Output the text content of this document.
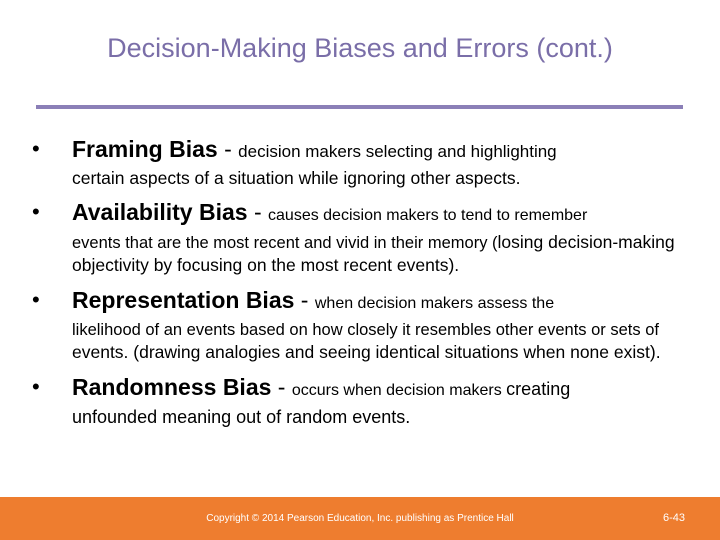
Decision-Making Biases and Errors (cont.)
• Framing Bias - decision makers selecting and highlighting
certain aspects of a situation while ignoring other aspects.
• Availability Bias - causes decision makers to tend to remember
events that are the most recent and vivid in their memory (losing decision-making objectivity by focusing on the most recent events).
• Representation Bias - when decision makers assess the
likelihood of an events based on how closely it resembles other events or sets of events. (drawing analogies and seeing identical situations when none exist).
• Randomness Bias - occurs when decision makers creating
unfounded meaning out of random events.
Copyright © 2014 Pearson Education, Inc. publishing as Prentice Hall	6-43
